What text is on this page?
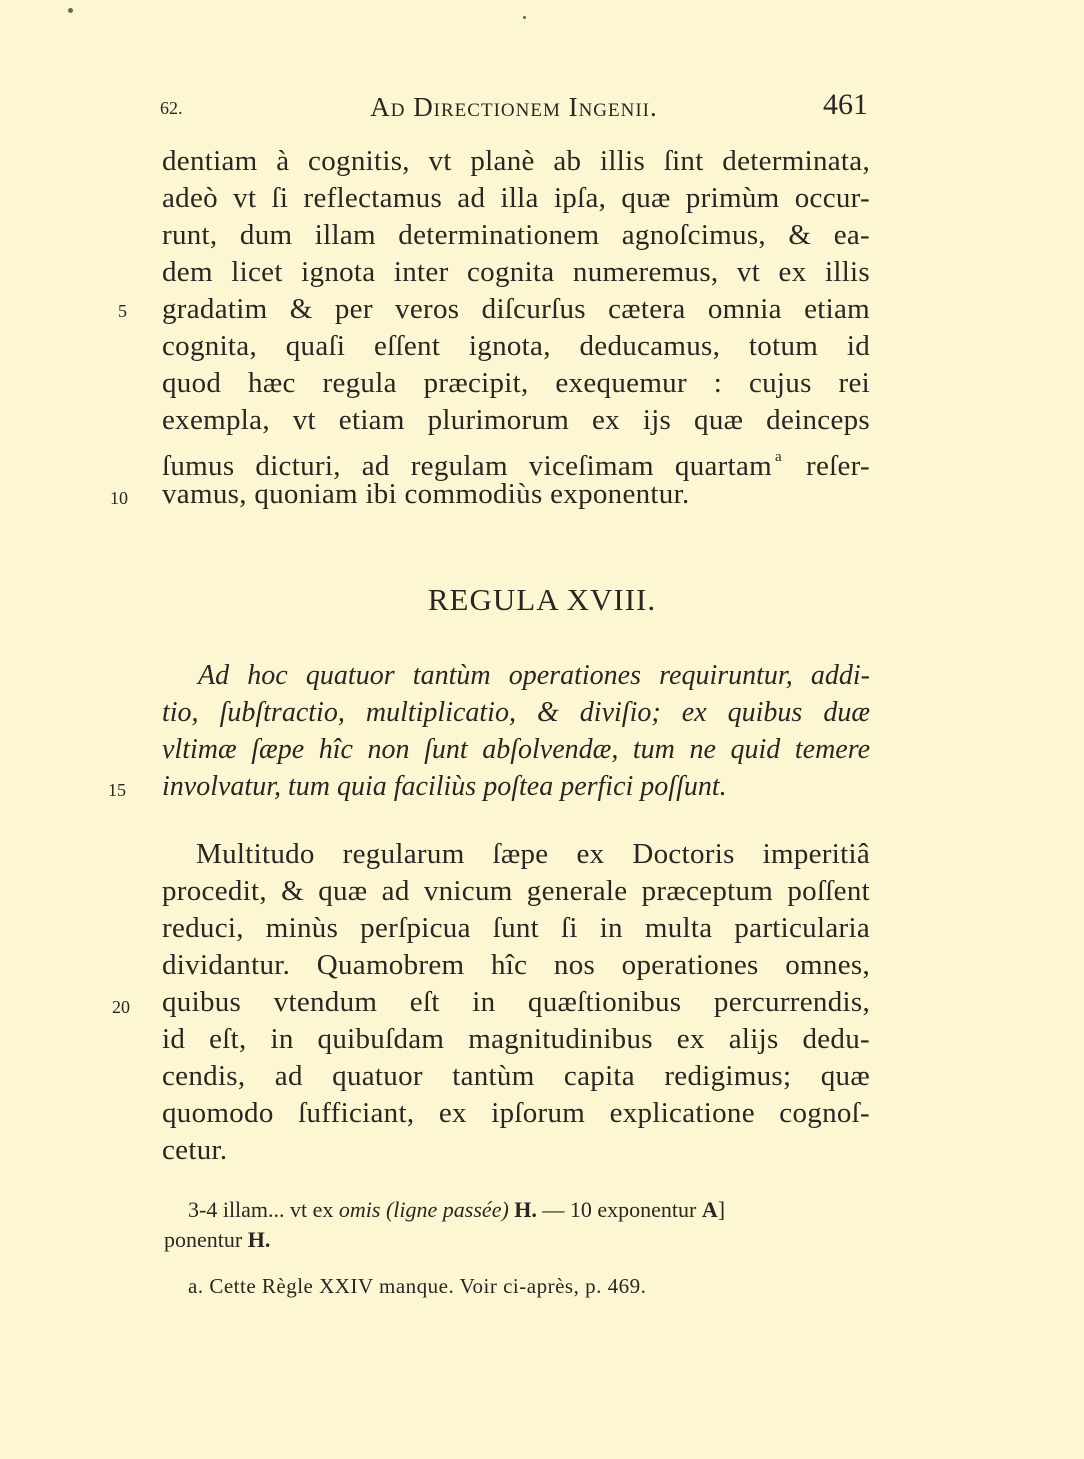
62.	Ad Directionem Ingenii.	461
dentiam à cognitis, vt planè ab illis ſint determinata,
adeò vt ſi reflectamus ad illa ipſa, quæ primùm occur-
runt, dum illam determinationem agnoſcimus, & ea-
dem licet ignota inter cognita numeremus, vt ex illis
gradatim & per veros diſcurſus cætera omnia etiam
cognita, quaſi eſſent ignota, deducamus, totum id
quod hæc regula præcipit, exequemur : cujus rei
exempla, vt etiam plurimorum ex ijs quæ deinceps
ſumus dicturi, ad regulam viceſimam quartam $^a$ reſer-
vamus, quoniam ibi commodiùs exponentur.
5
10
REGULA XVIII.
Ad hoc quatuor tantùm operationes requiruntur, addi-
tio, ſubſtractio, multiplicatio, & diviſio; ex quibus duæ
vltimæ ſæpe hîc non ſunt abſolvendæ, tum ne quid temere
involvatur, tum quia faciliùs poſtea perfici poſſunt.
15
Multitudo regularum ſæpe ex Doctoris imperitiâ
procedit, & quæ ad vnicum generale præceptum poſſent
reduci, minùs perſpicua ſunt ſi in multa particularia
dividantur. Quamobrem hîc nos operationes omnes,
quibus vtendum eſt in quæſtionibus percurrendis,
id eſt, in quibuſdam magnitudinibus ex alijs dedu-
cendis, ad quatuor tantùm capita redigimus; quæ
quomodo ſufficiant, ex ipſorum explicatione cognoſ-
cetur.
20
3-4 illam... vt ex omis (ligne passée) H. — 10 exponentur A]
ponentur H.
a. Cette Règle XXIV manque. Voir ci-après, p. 469.
